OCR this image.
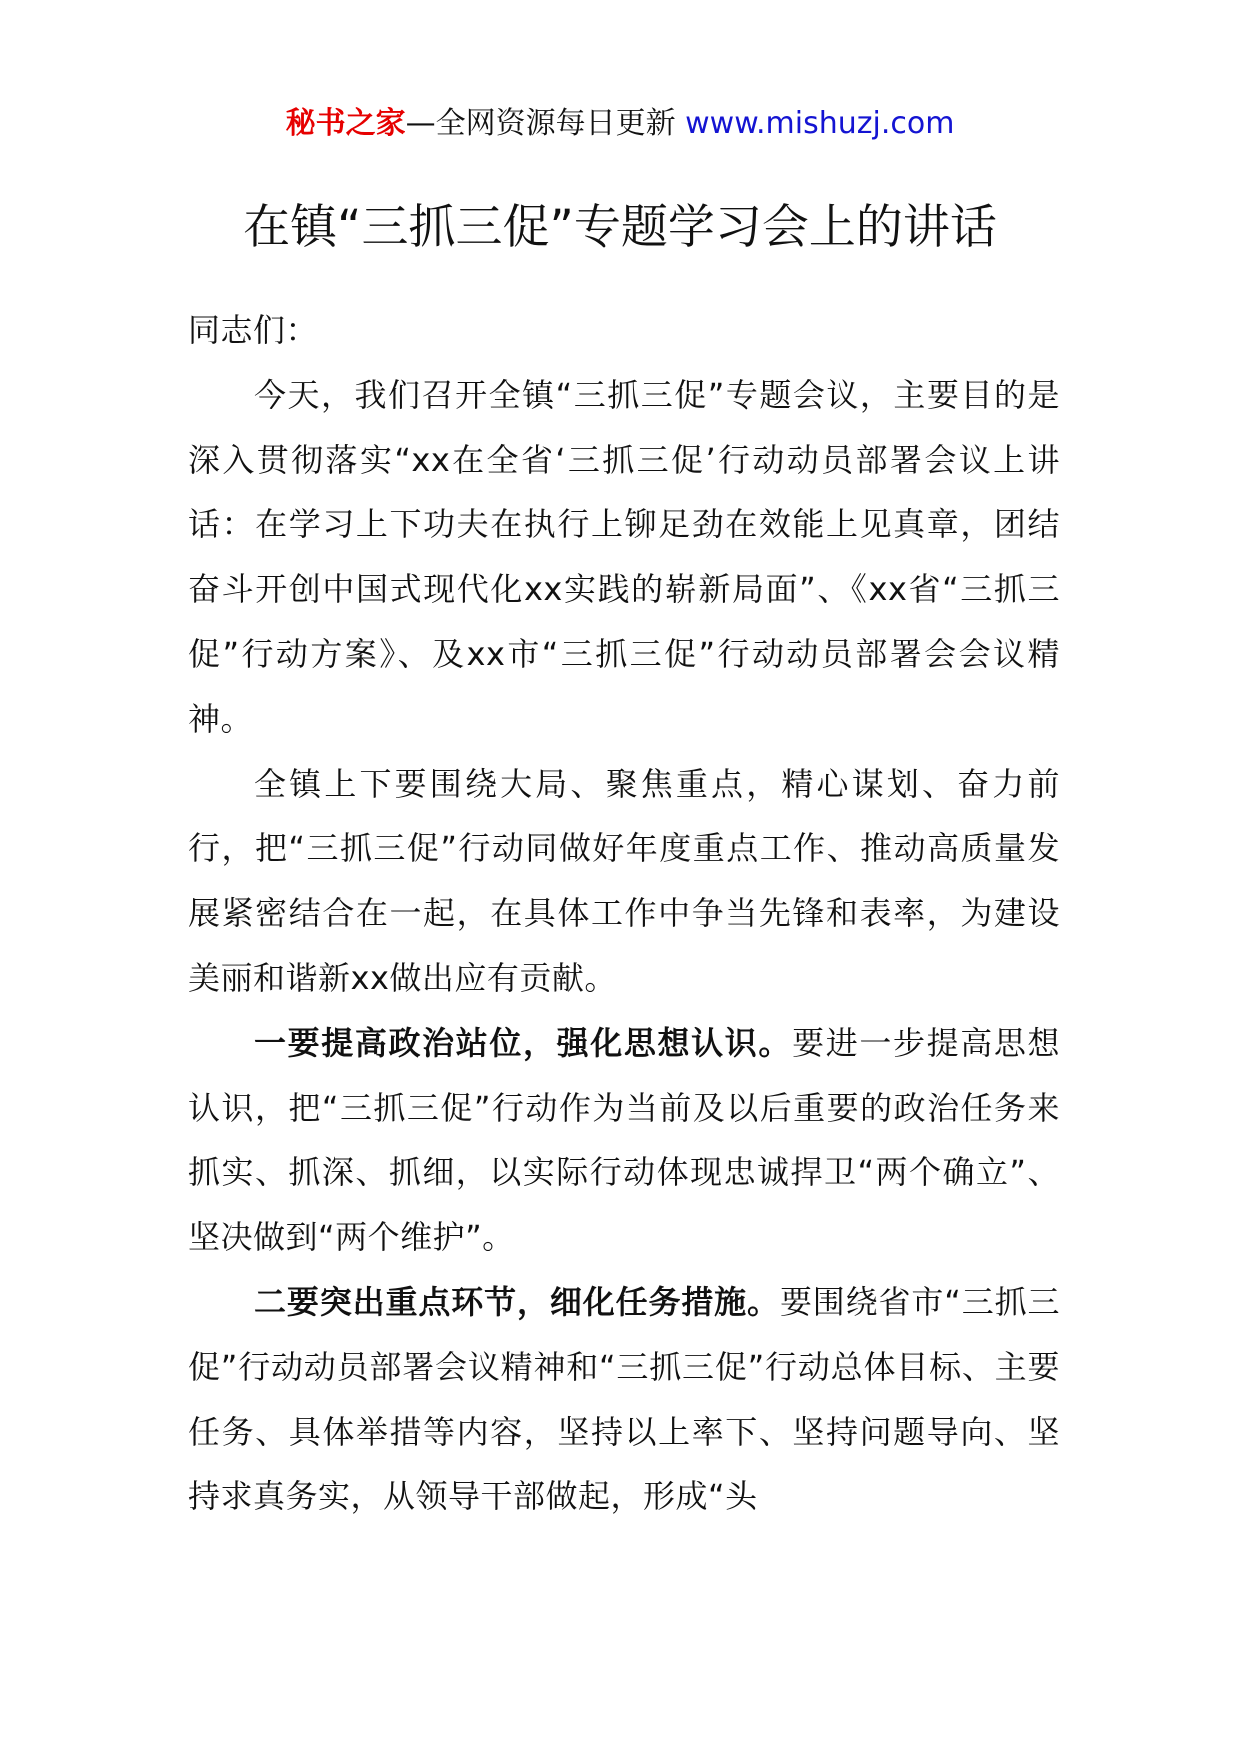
秘书之家—全网资源每日更新 www.mishuzj.com
在镇“三抓三促”专题学习会上的讲话

同志们：

今天，我们召开全镇“三抓三促”专题会议，主要目的是深入贯彻落实“xx在全省‘三抓三促’行动动员部署会议上讲话：在学习上下功夫在执行上铆足劲在效能上见真章，团结奋斗开创中国式现代化xx实践的崭新局面”、《xx省“三抓三促”行动方案》、及xx市“三抓三促”行动动员部署会会议精神。

全镇上下要围绕大局、聚焦重点，精心谋划、奋力前行，把“三抓三促”行动同做好年度重点工作、推动高质量发展紧密结合在一起，在具体工作中争当先锋和表率，为建设美丽和谐新xx做出应有贡献。

一要提高政治站位，强化思想认识。要进一步提高思想认识，把“三抓三促”行动作为当前及以后重要的政治任务来抓实、抓深、抓细，以实际行动体现忠诚捍卫“两个确立”、坚决做到“两个维护”。

二要突出重点环节，细化任务措施。要围绕省市“三抓三促”行动动员部署会议精神和“三抓三促”行动总体目标、主要任务、具体举措等内容，坚持以上率下、坚持问题导向、坚持求真务实，从领导干部做起，形成“头
